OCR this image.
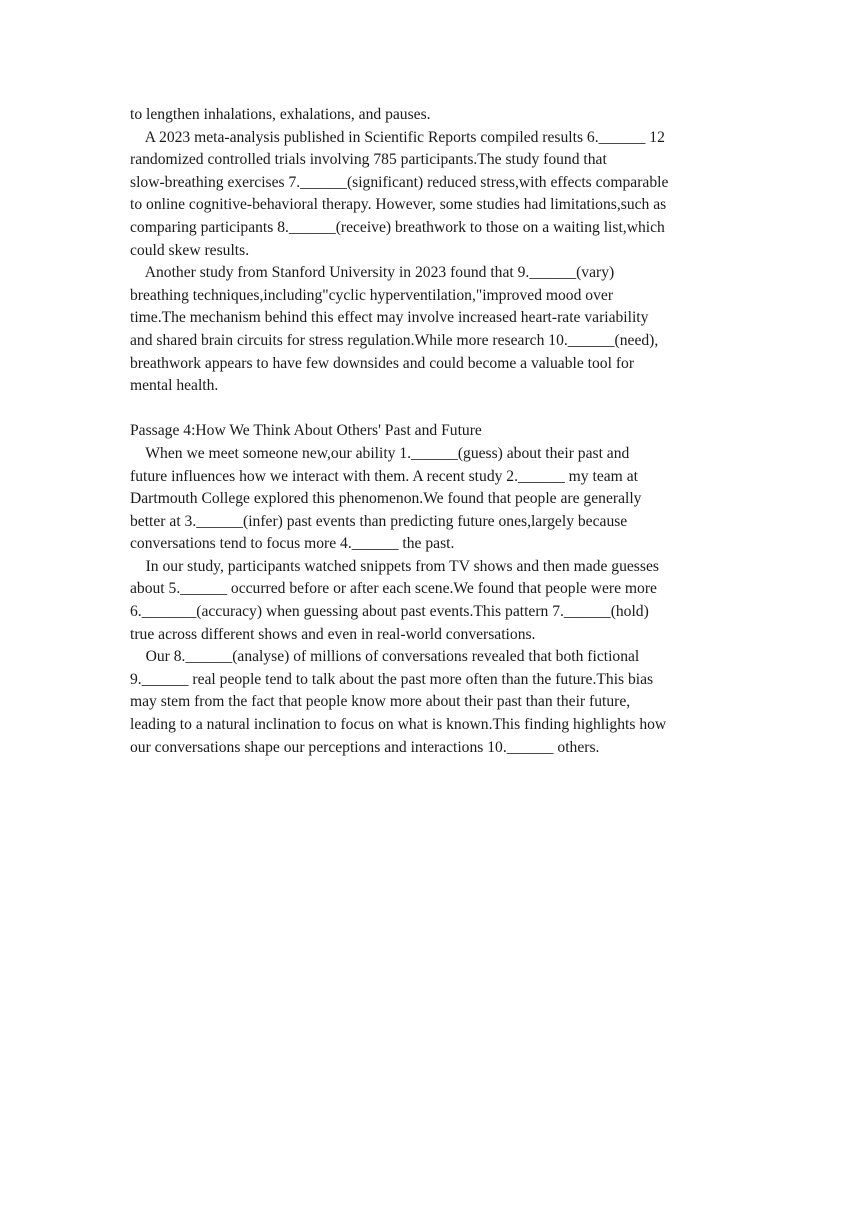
to lengthen inhalations, exhalations, and pauses.
A 2023 meta-analysis published in Scientific Reports compiled results 6.______ 12
randomized controlled trials involving 785 participants.The study found that
slow-breathing exercises 7.______(significant) reduced stress,with effects comparable
to online cognitive-behavioral therapy. However, some studies had limitations,such as
comparing participants 8.______(receive) breathwork to those on a waiting list,which
could skew results.
Another study from Stanford University in 2023 found that 9.______(vary)
breathing techniques,including"cyclic hyperventilation,"improved mood over
time.The mechanism behind this effect may involve increased heart-rate variability
and shared brain circuits for stress regulation.While more research 10.______(need),
breathwork appears to have few downsides and could become a valuable tool for
mental health.
Passage 4:How We Think About Others' Past and Future
When we meet someone new,our ability 1.______(guess) about their past and
future influences how we interact with them. A recent study 2.______ my team at
Dartmouth College explored this phenomenon.We found that people are generally
better at 3.______(infer) past events than predicting future ones,largely because
conversations tend to focus more 4.______ the past.
In our study, participants watched snippets from TV shows and then made guesses
about 5.______ occurred before or after each scene.We found that people were more
6._______(accuracy) when guessing about past events.This pattern 7.______(hold)
true across different shows and even in real-world conversations.
Our 8.______(analyse) of millions of conversations revealed that both fictional
9.______ real people tend to talk about the past more often than the future.This bias
may stem from the fact that people know more about their past than their future,
leading to a natural inclination to focus on what is known.This finding highlights how
our conversations shape our perceptions and interactions 10.______ others.
